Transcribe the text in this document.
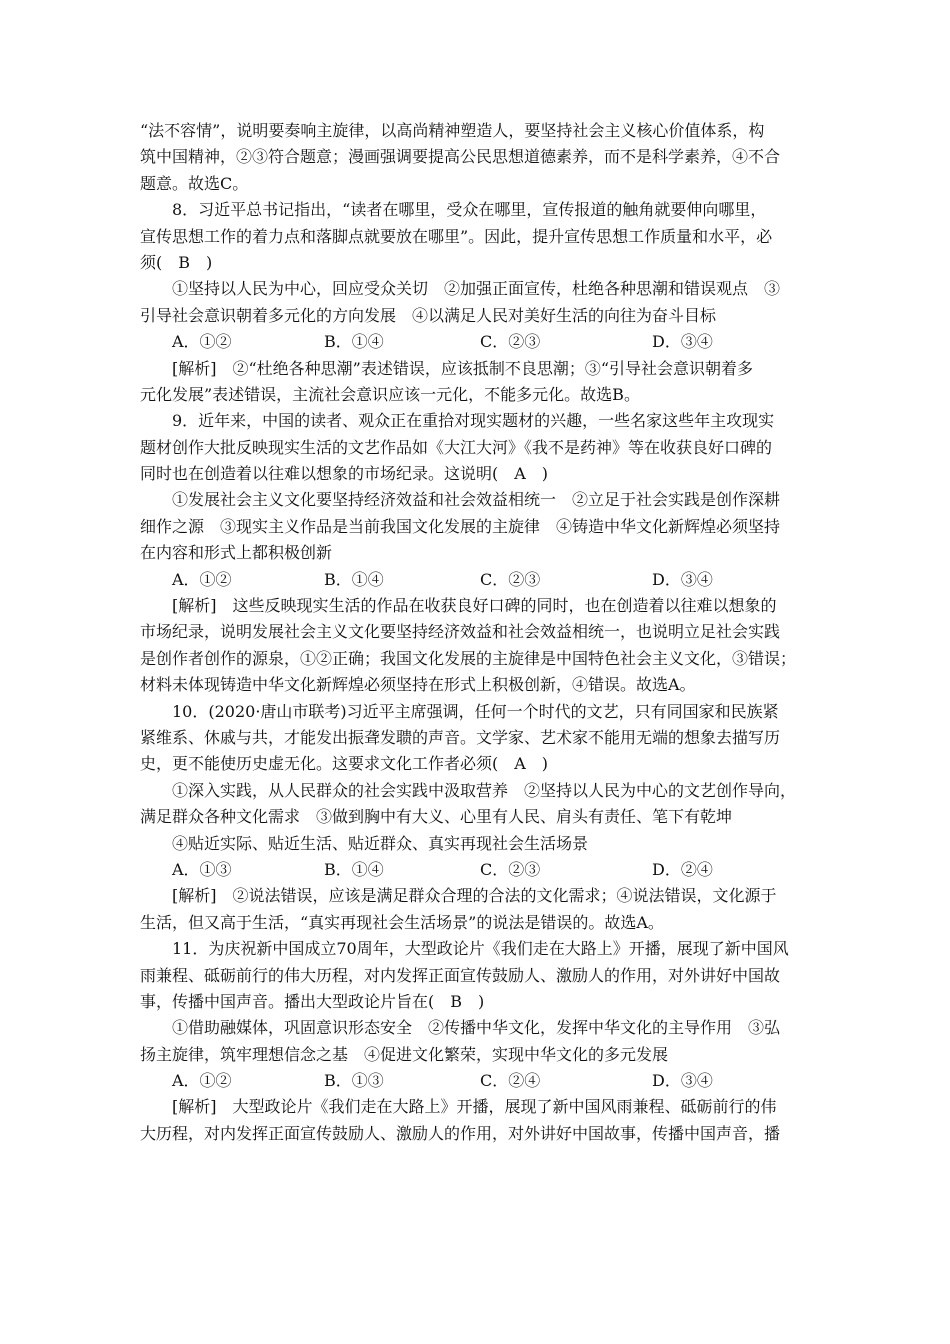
“法不容情”，说明要奏响主旋律，以高尚精神塑造人，要坚持社会主义核心价值体系，构
筑中国精神，②③符合题意；漫画强调要提高公民思想道德素养，而不是科学素养，④不合
题意。故选C。
8．习近平总书记指出，“读者在哪里，受众在哪里，宣传报道的触角就要伸向哪里，
宣传思想工作的着力点和落脚点就要放在哪里”。因此，提升宣传思想工作质量和水平，必
须(　B　)
①坚持以人民为中心，回应受众关切　②加强正面宣传，杜绝各种思潮和错误观点　③
引导社会意识朝着多元化的方向发展　④以满足人民对美好生活的向往为奋斗目标
A．①②	B．①④	C．②③	D．③④
[解析]　②“杜绝各种思潮”表述错误，应该抵制不良思潮；③“引导社会意识朝着多
元化发展”表述错误，主流社会意识应该一元化，不能多元化。故选B。
9．近年来，中国的读者、观众正在重拾对现实题材的兴趣，一些名家这些年主攻现实
题材创作大批反映现实生活的文艺作品如《大江大河》《我不是药神》等在收获良好口碑的
同时也在创造着以往难以想象的市场纪录。这说明(　A　)
①发展社会主义文化要坚持经济效益和社会效益相统一　②立足于社会实践是创作深耕
细作之源　③现实主义作品是当前我国文化发展的主旋律　④铸造中华文化新辉煌必须坚持
在内容和形式上都积极创新
A．①②	B．①④	C．②③	D．③④
[解析]　这些反映现实生活的作品在收获良好口碑的同时，也在创造着以往难以想象的
市场纪录，说明发展社会主义文化要坚持经济效益和社会效益相统一，也说明立足社会实践
是创作者创作的源泉，①②正确；我国文化发展的主旋律是中国特色社会主义文化，③错误；
材料未体现铸造中华文化新辉煌必须坚持在形式上积极创新，④错误。故选A。
10．(2020·唐山市联考)习近平主席强调，任何一个时代的文艺，只有同国家和民族紧
紧维系、休戚与共，才能发出振聋发聩的声音。文学家、艺术家不能用无端的想象去描写历
史，更不能使历史虚无化。这要求文化工作者必须(　A　)
①深入实践，从人民群众的社会实践中汲取营养　②坚持以人民为中心的文艺创作导向，
满足群众各种文化需求　③做到胸中有大义、心里有人民、肩头有责任、笔下有乾坤
④贴近实际、贴近生活、贴近群众、真实再现社会生活场景
A．①③	B．①④	C．②③	D．②④
[解析]　②说法错误，应该是满足群众合理的合法的文化需求；④说法错误，文化源于
生活，但又高于生活，“真实再现社会生活场景”的说法是错误的。故选A。
11．为庆祝新中国成立70周年，大型政论片《我们走在大路上》开播，展现了新中国风
雨兼程、砥砺前行的伟大历程，对内发挥正面宣传鼓励人、激励人的作用，对外讲好中国故
事，传播中国声音。播出大型政论片旨在(　B　)
①借助融媒体，巩固意识形态安全　②传播中华文化，发挥中华文化的主导作用　③弘
扬主旋律，筑牢理想信念之基　④促进文化繁荣，实现中华文化的多元发展
A．①②	B．①③	C．②④	D．③④
[解析]　大型政论片《我们走在大路上》开播，展现了新中国风雨兼程、砥砺前行的伟
大历程，对内发挥正面宣传鼓励人、激励人的作用，对外讲好中国故事，传播中国声音，播
